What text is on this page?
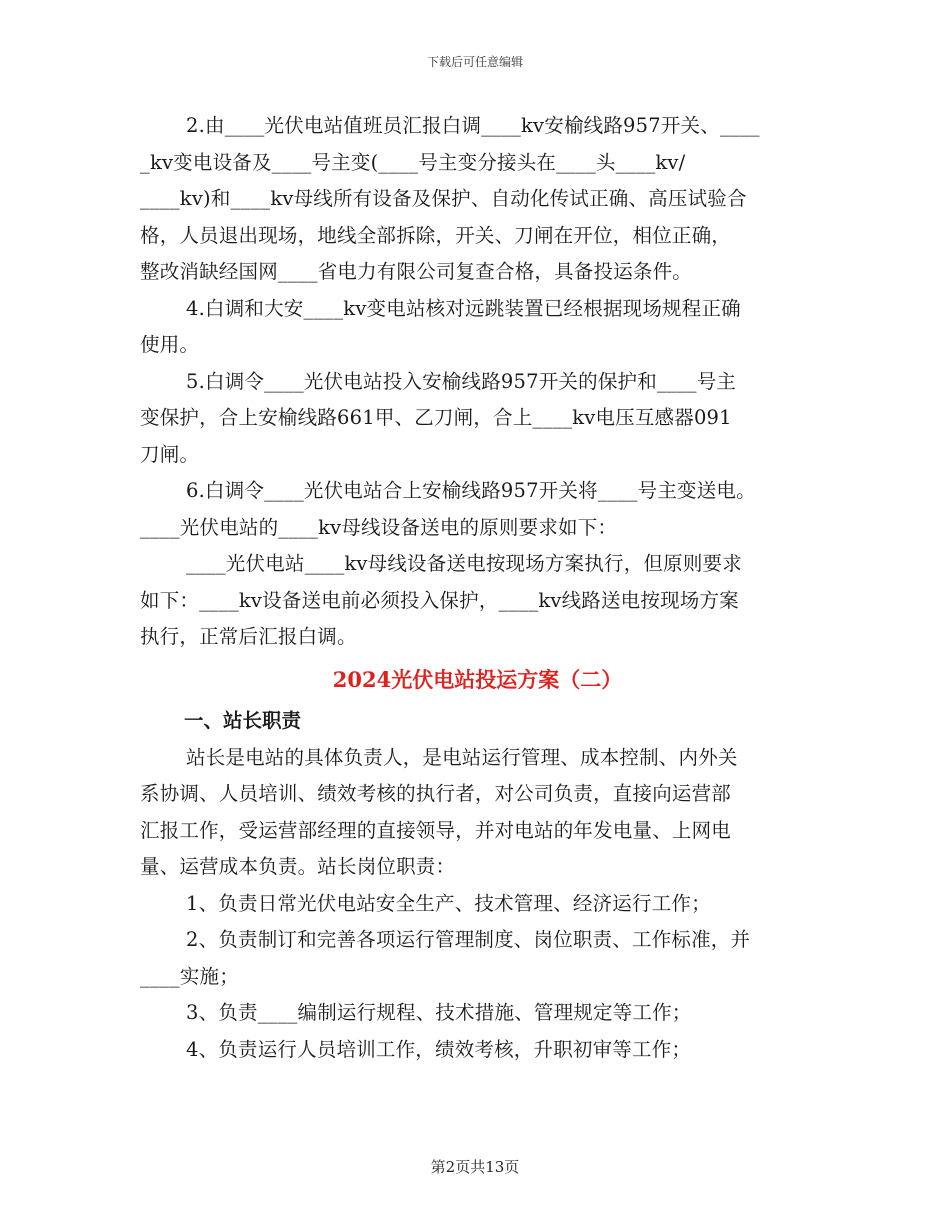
下载后可任意编辑

2.由____光伏电站值班员汇报白调____kv安榆线路957开关、____
_kv变电设备及____号主变(____号主变分接头在____头____kv/
____kv)和____kv母线所有设备及保护、自动化传试正确、高压试验合
格，人员退出现场，地线全部拆除，开关、刀闸在开位，相位正确，
整改消缺经国网____省电力有限公司复查合格，具备投运条件。

4.白调和大安____kv变电站核对远跳装置已经根据现场规程正确
使用。

5.白调令____光伏电站投入安榆线路957开关的保护和____号主
变保护，合上安榆线路661甲、乙刀闸，合上____kv电压互感器091
刀闸。

6.白调令____光伏电站合上安榆线路957开关将____号主变送电。
____光伏电站的____kv母线设备送电的原则要求如下：

____光伏电站____kv母线设备送电按现场方案执行，但原则要求
如下：____kv设备送电前必须投入保护，____kv线路送电按现场方案
执行，正常后汇报白调。

2024光伏电站投运方案（二）
一、站长职责

站长是电站的具体负责人，是电站运行管理、成本控制、内外关
系协调、人员培训、绩效考核的执行者，对公司负责，直接向运营部
汇报工作，受运营部经理的直接领导，并对电站的年发电量、上网电
量、运营成本负责。站长岗位职责：

1、负责日常光伏电站安全生产、技术管理、经济运行工作；

2、负责制订和完善各项运行管理制度、岗位职责、工作标准，并
____实施；

3、负责____编制运行规程、技术措施、管理规定等工作；

4、负责运行人员培训工作，绩效考核，升职初审等工作；

第2页共13页
